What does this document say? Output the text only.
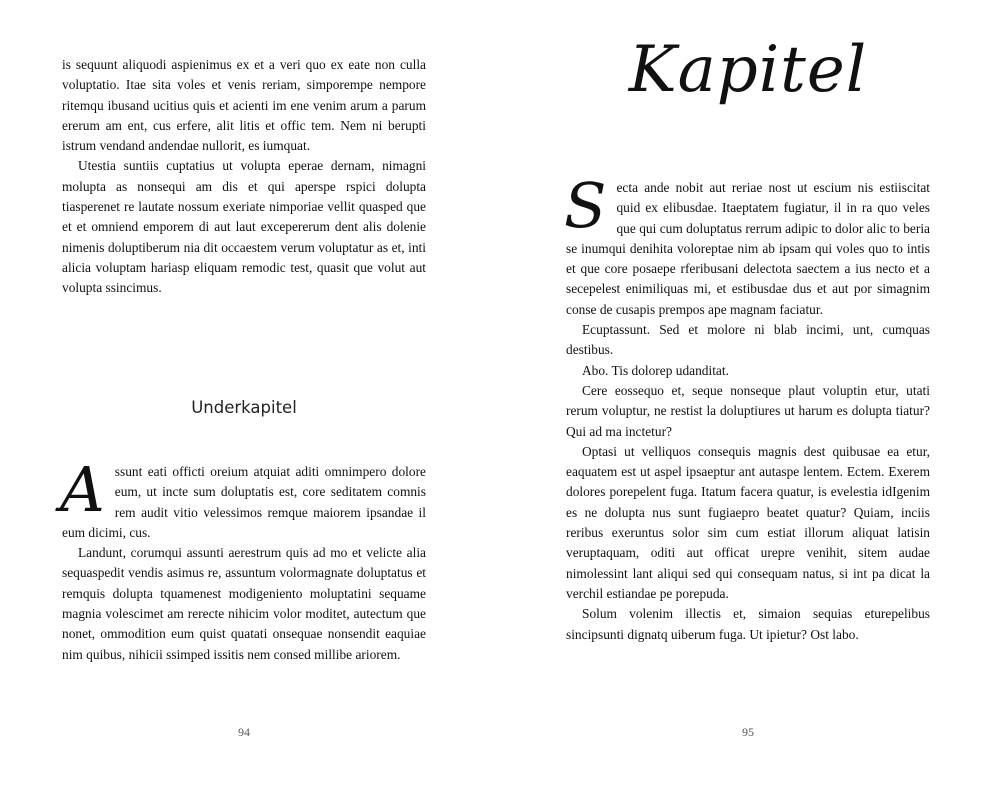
is sequunt aliquodi aspienimus ex et a veri quo ex eate non culla voluptatio. Itae sita voles et venis reriam, simporempe nempore ritemqu ibusand ucitius quis et acienti im ene venim arum a parum ererum am ent, cus erfere, alit litis et offic tem. Nem ni berupti istrum vendand andendae nullorit, es iumquat.

Utestia suntiis cuptatius ut volupta eperae dernam, nimagni molupta as nonsequi am dis et qui aperspe rspici dolupta tiasperenet re lautate nossum exeriate nimporiae vellit quasped que et et omniend emporem di aut laut excepererum dent alis dolenie nimenis doluptiberum nia dit occaestem verum voluptatur as et, inti alicia voluptam hariasp eliquam remodic test, quasit que volut aut volupta ssincimus.

Underkapitel

Assunt eati officti oreium atquiat aditi omnimpero dolore eum, ut incte sum doluptatis est, core seditatem comnis rem audit vitio velessimos remque maiorem ipsandae il eum dicimi, cus.

Landunt, corumqui assunti aerestrum quis ad mo et velicte alia sequaspedit vendis asimus re, assuntum volormagnate doluptatus et remquis dolupta tquamenest modigeniento moluptatini sequame magnia volescimet am rerecte nihicim volor moditet, autectum que nonet, ommodition eum quist quatati onsequae nonsendit eaquiae nim quibus, nihicii ssimped issitis nem consed millibe ariorem.

94
Kapitel

Secta ande nobit aut reriae nost ut escium nis estiiscitat quid ex elibusdae. Itaeptatem fugiatur, il in ra quo veles que qui cum doluptatus rerrum adipic to dolor alic to beria se inumqui denihita voloreptae nim ab ipsam qui voles quo to intis et que core posaepe rferibusani delectota saectem a ius necto et a secepelest enimiliquas mi, et estibusdae dus et aut por simagnim conse de cusapis prempos ape magnam faciatur.

Ecuptassunt. Sed et molore ni blab incimi, unt, cumquas destibus.

Abo. Tis dolorep udanditat.

Cere eossequo et, seque nonseque plaut voluptin etur, utati rerum voluptur, ne restist la doluptiures ut harum es dolupta tiatur? Qui ad ma inctetur?

Optasi ut velliquos consequis magnis dest quibusae ea etur, eaquatem est ut aspel ipsaeptur ant autaspe lentem. Ectem. Exerem dolores porepelent fuga. Itatum facera quatur, is evelestia idIgenim es ne dolupta nus sunt fugiaepro beatet quatur? Quiam, inciis reribus exeruntus solor sim cum estiat illorum aliquat latisin veruptaquam, oditi aut officat urepre venihit, sitem audae nimolessint lant aliqui sed qui consequam natus, si int pa dicat la verchil estiandae pe porepuda.

Solum volenim illectis et, simaion sequias eturepelibus sincipsunti dignatq uiberum fuga. Ut ipietur? Ost labo.

95
